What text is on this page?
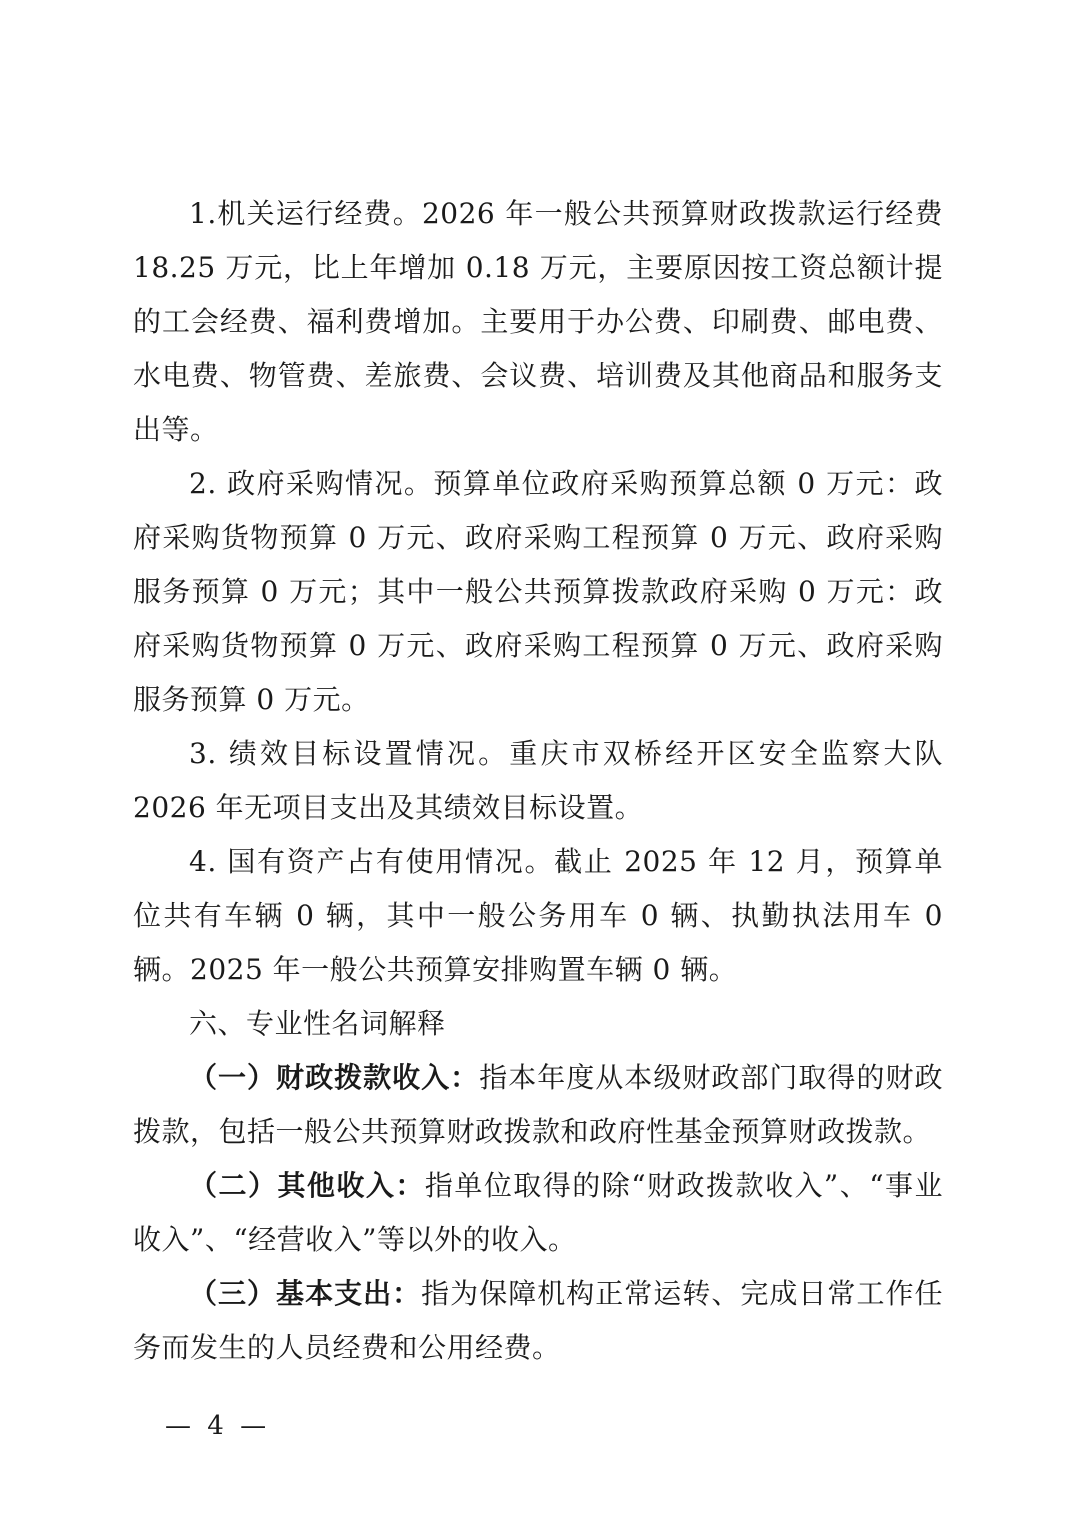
1.机关运行经费。2026 年一般公共预算财政拨款运行经费 18.25 万元，比上年增加 0.18 万元，主要原因按工资总额计提的工会经费、福利费增加。主要用于办公费、印刷费、邮电费、水电费、物管费、差旅费、会议费、培训费及其他商品和服务支出等。

2. 政府采购情况。预算单位政府采购预算总额 0 万元：政府采购货物预算 0 万元、政府采购工程预算 0 万元、政府采购服务预算 0 万元；其中一般公共预算拨款政府采购 0 万元：政府采购货物预算 0 万元、政府采购工程预算 0 万元、政府采购服务预算 0 万元。

3. 绩效目标设置情况。重庆市双桥经开区安全监察大队 2026 年无项目支出及其绩效目标设置。

4. 国有资产占有使用情况。截止 2025 年 12 月，预算单位共有车辆 0 辆，其中一般公务用车 0 辆、执勤执法用车 0 辆。2025 年一般公共预算安排购置车辆 0 辆。

六、专业性名词解释

（一）财政拨款收入：指本年度从本级财政部门取得的财政拨款，包括一般公共预算财政拨款和政府性基金预算财政拨款。

（二）其他收入：指单位取得的除“财政拨款收入”、“事业收入”、“经营收入”等以外的收入。

（三）基本支出：指为保障机构正常运转、完成日常工作任务而发生的人员经费和公用经费。

— 4 —
